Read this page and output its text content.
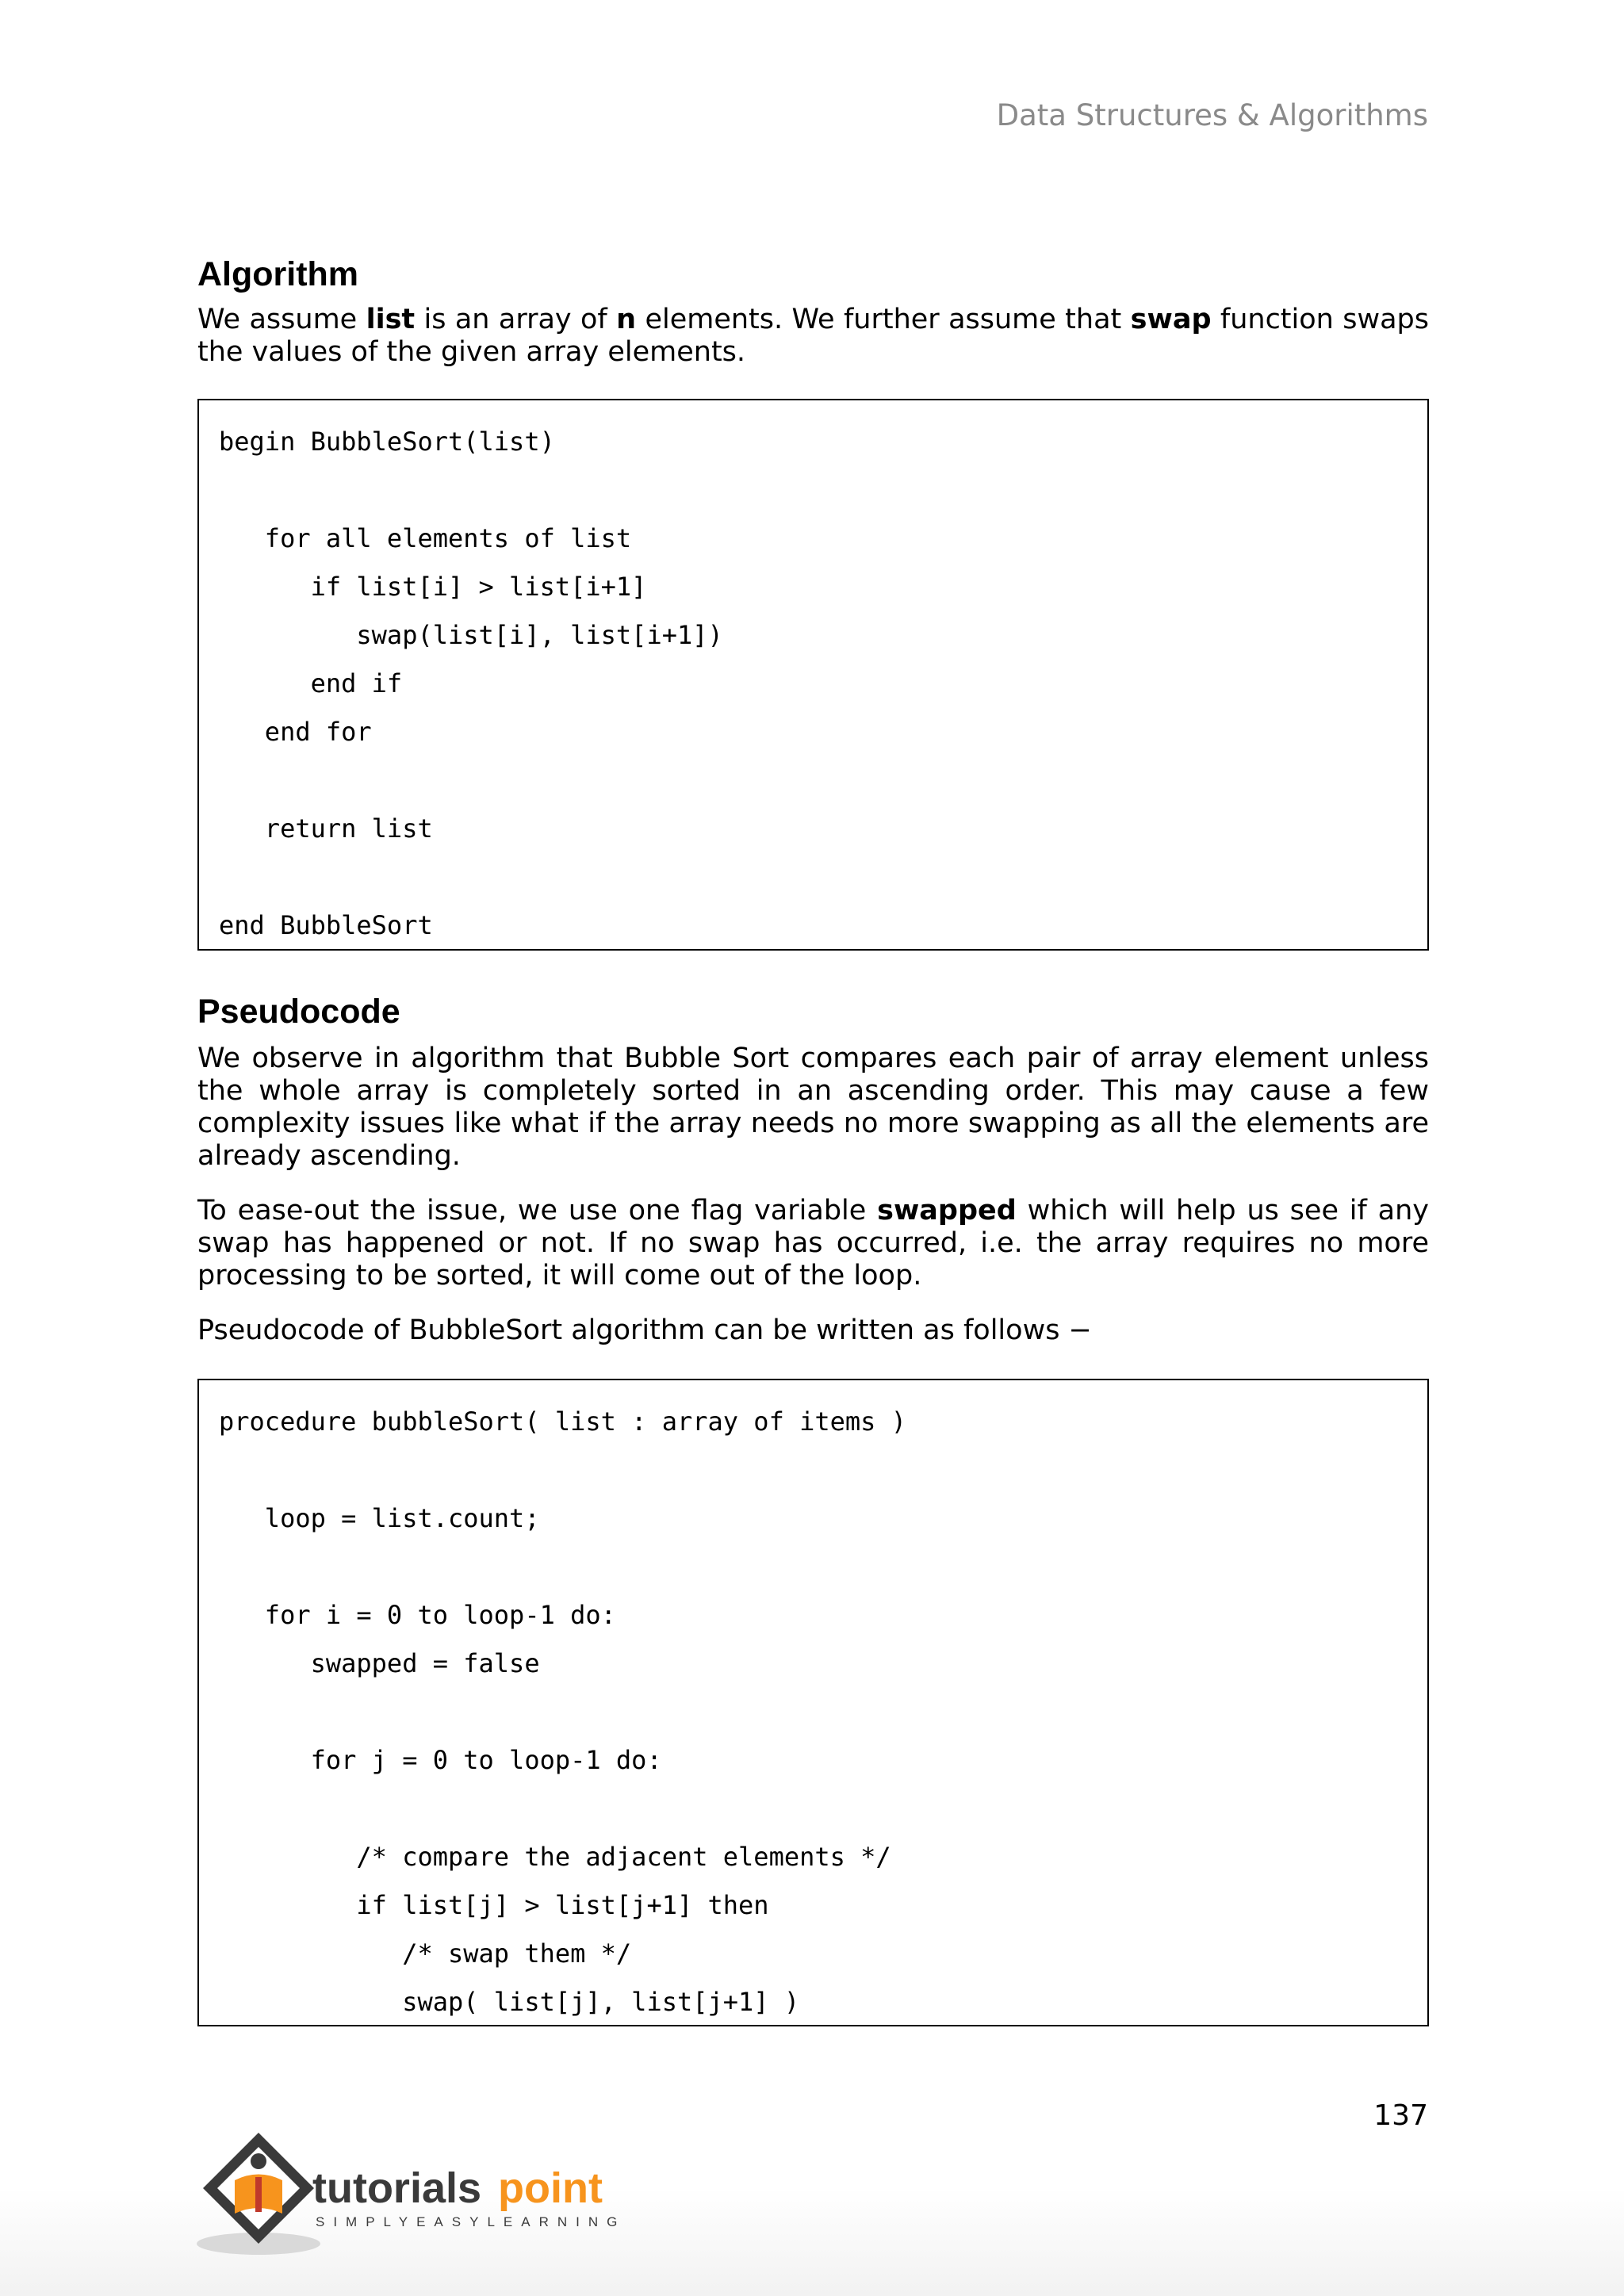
Data Structures & Algorithms
Algorithm

We assume list is an array of n elements. We further assume that swap function swaps the values of the given array elements.

begin BubbleSort(list)
for all elements of list
if list[i] > list[i+1]
swap(list[i], list[i+1])
end if
end for
return list
end BubbleSort
Pseudocode

We observe in algorithm that Bubble Sort compares each pair of array element unless the whole array is completely sorted in an ascending order. This may cause a few complexity issues like what if the array needs no more swapping as all the elements are already ascending.

To ease-out the issue, we use one flag variable swapped which will help us see if any swap has happened or not. If no swap has occurred, i.e. the array requires no more processing to be sorted, it will come out of the loop.

Pseudocode of BubbleSort algorithm can be written as follows −

procedure bubbleSort( list : array of items )
loop = list.count;
for i = 0 to loop-1 do:
swapped = false
for j = 0 to loop-1 do:
/* compare the adjacent elements */
if list[j] > list[j+1] then
/* swap them */
swap( list[j], list[j+1] )
137
tutorials point
SIMPLYEASYLEARNING
